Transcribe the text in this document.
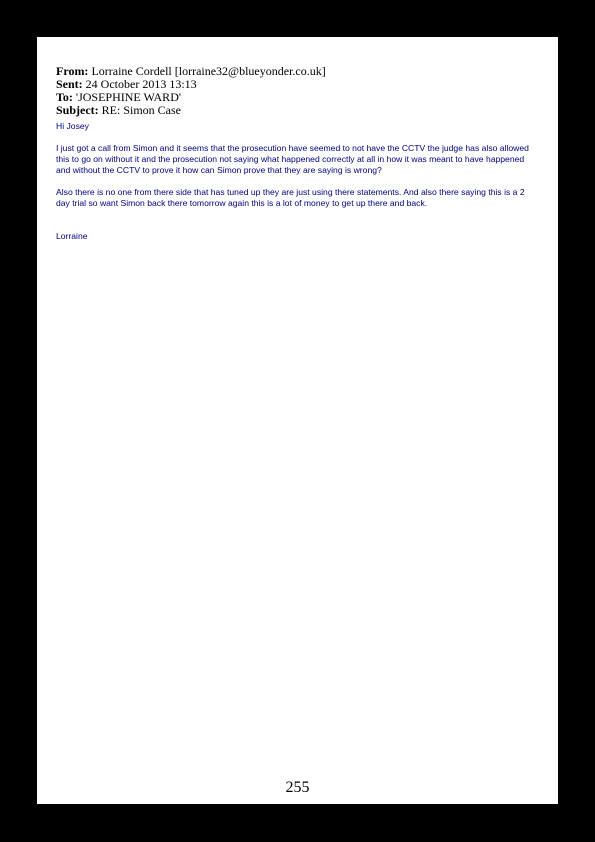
From: Lorraine Cordell [lorraine32@blueyonder.co.uk]
Sent: 24 October 2013 13:13
To: 'JOSEPHINE WARD'
Subject: RE: Simon Case

Hi Josey

I just got a call from Simon and it seems that the prosecution have seemed to not have the CCTV the judge has also allowed this to go on without it and the prosecution not saying what happened correctly at all in how it was meant to have happened and without the CCTV to prove it how can Simon prove that they are saying is wrong?

Also there is no one from there side that has tuned up they are just using there statements. And also there saying this is a 2 day trial so want Simon back there tomorrow again this is a lot of money to get up there and back.

Lorraine

255
